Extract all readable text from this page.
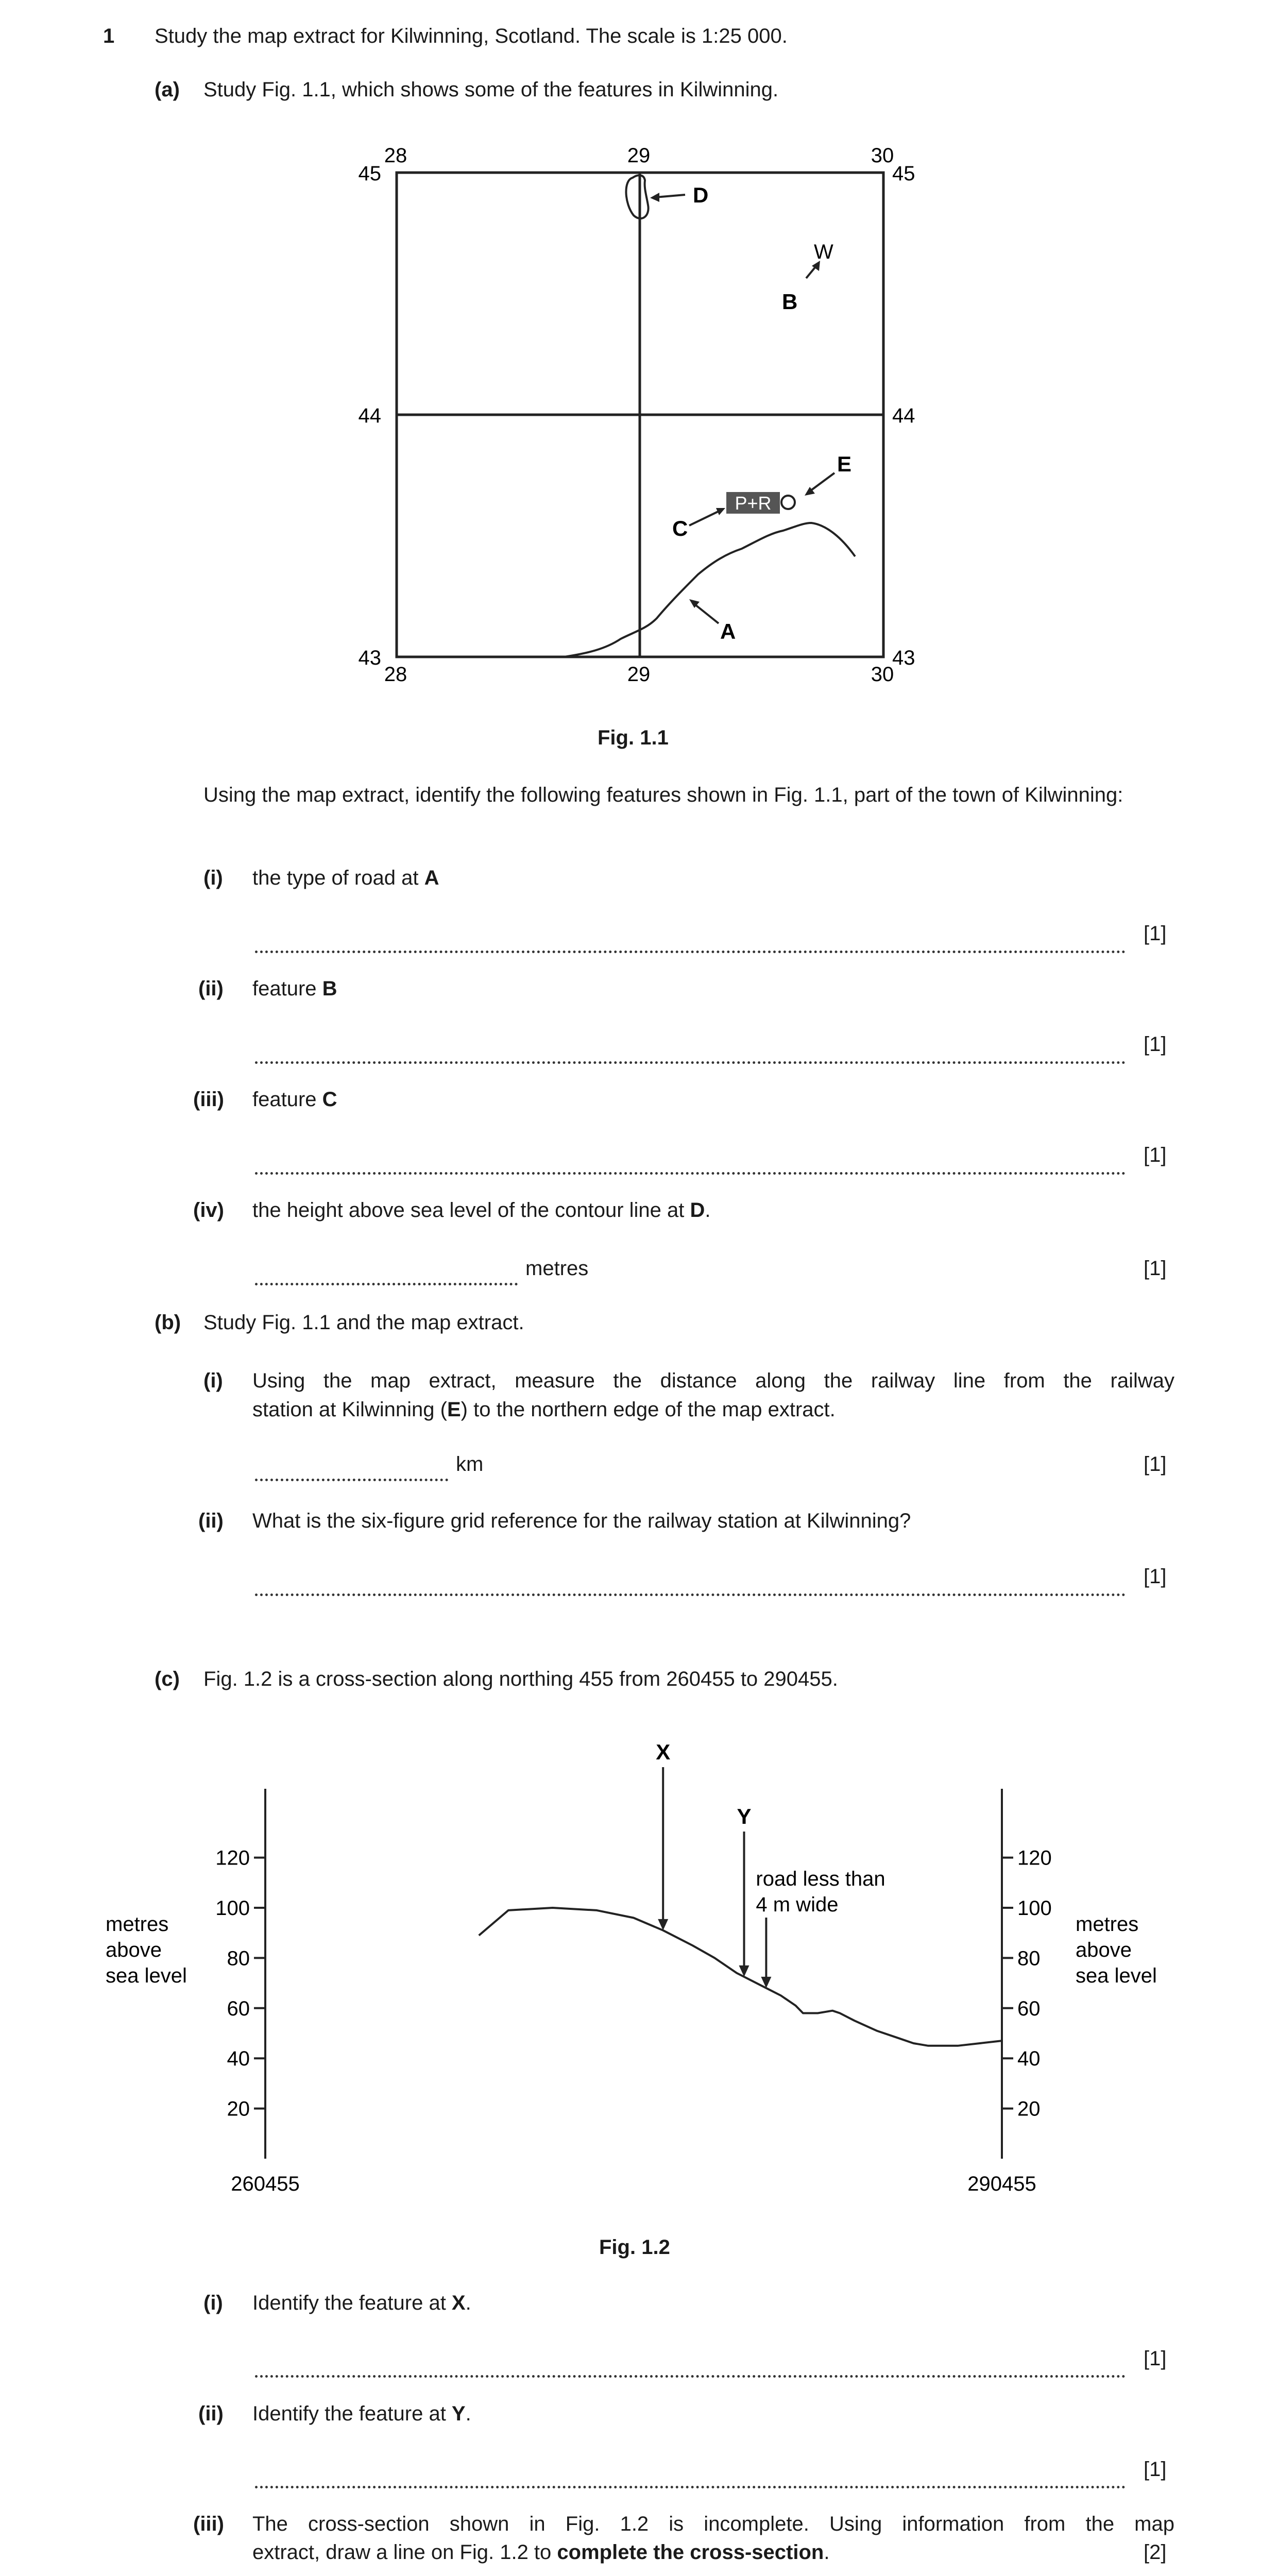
1 Study the map extract for Kilwinning, Scotland. The scale is 1:25 000.
(a) Study Fig. 1.1, which shows some of the features in Kilwinning.
28	29	30
28	29	30
45
44
43
45
44
43
D
W
B
E
P+R
C
A
Fig. 1.1
Using the map extract, identify the following features shown in Fig. 1.1, part of the town of Kilwinning:
(i) the type of road at A
[1]
(ii) feature B
[1]
(iii) feature C
[1]
(iv) the height above sea level of the contour line at D.
metres	[1]
(b) Study Fig. 1.1 and the map extract.
(i) Using the map extract, measure the distance along the railway line from the railway
station at Kilwinning (E) to the northern edge of the map extract.
km	[1]
(ii) What is the six-figure grid reference for the railway station at Kilwinning?
[1]
(c) Fig. 1.2 is a cross-section along northing 455 from 260455 to 290455.
metres
above
sea level
metres
above
sea level
260455	290455
20	20
40	40
60	60
80	80
100	100
120	120
X
Y
road less than
4 m wide
Fig. 1.2
(i) Identify the feature at X.
[1]
(ii) Identify the feature at Y.
[1]
(iii) The cross-section shown in Fig. 1.2 is incomplete. Using information from the map
extract, draw a line on Fig. 1.2 to complete the cross-section.	[2]
